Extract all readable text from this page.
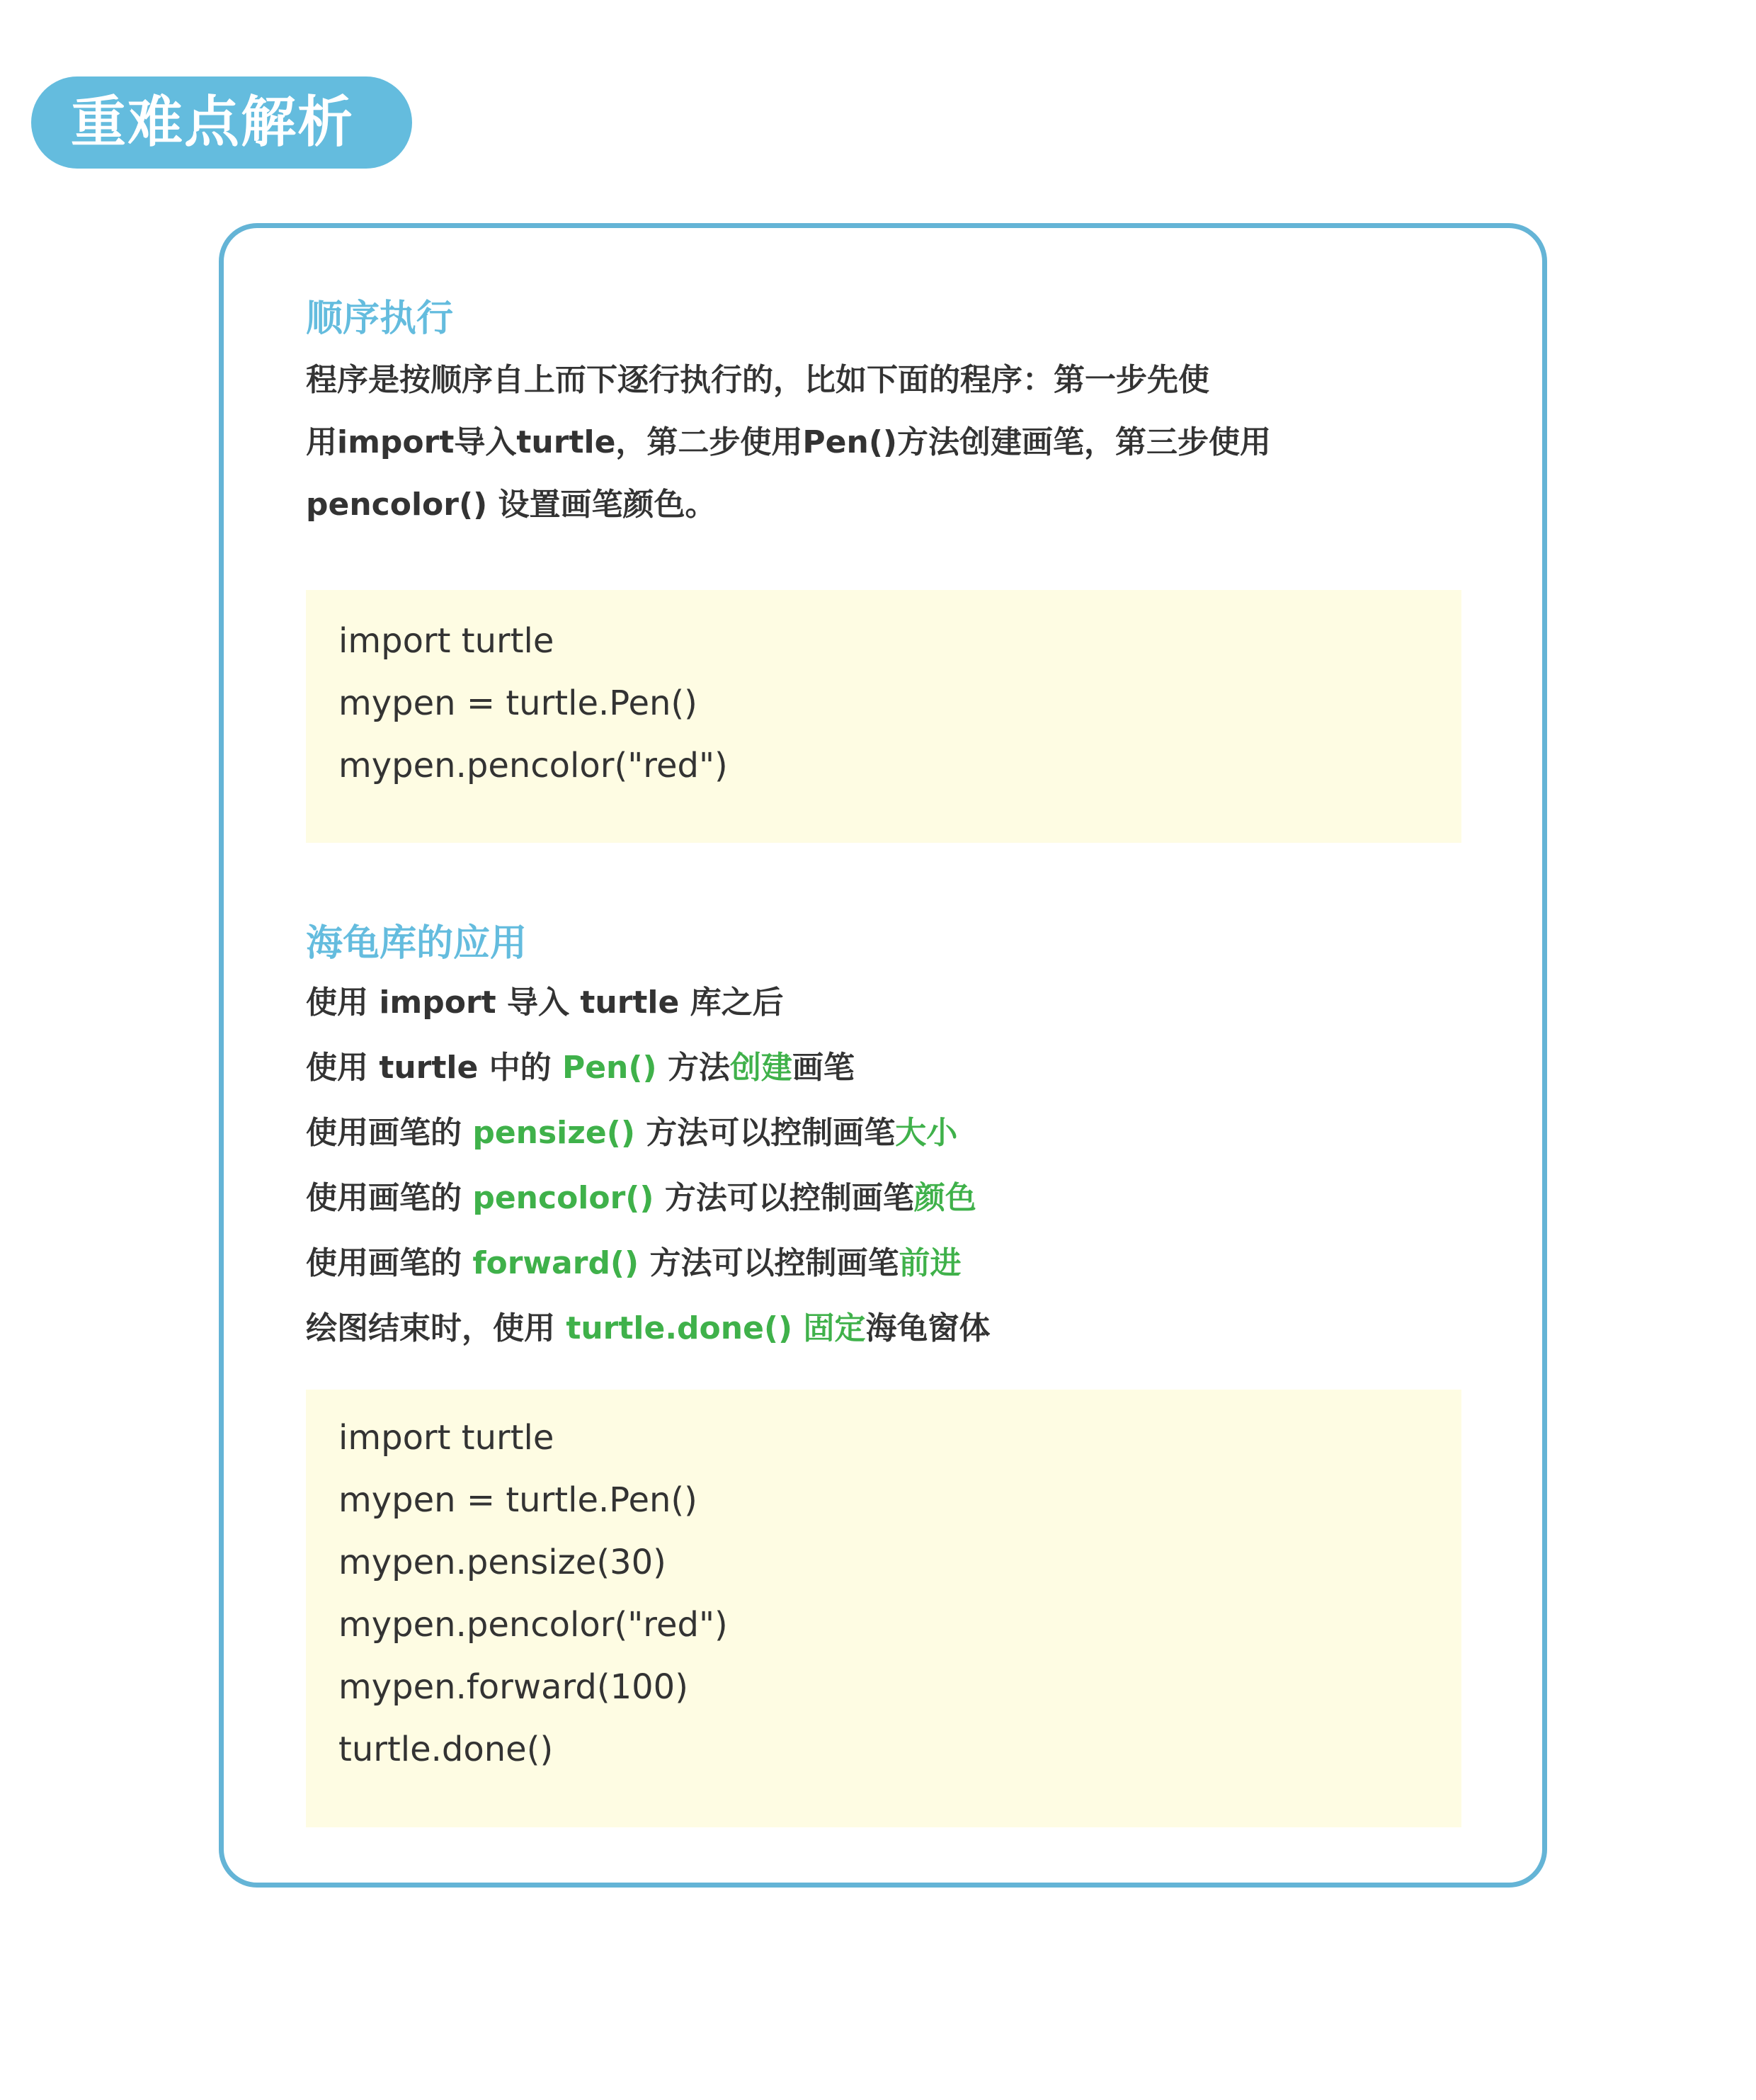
重难点解析
顺序执行
程序是按顺序自上而下逐行执行的，比如下面的程序：第一步先使
用import导入turtle，第二步使用Pen()方法创建画笔，第三步使用
pencolor() 设置画笔颜色。
import turtle
mypen = turtle.Pen()
mypen.pencolor("red")
海龟库的应用
使用 import 导入 turtle 库之后
使用 turtle 中的 Pen() 方法创建画笔
使用画笔的 pensize() 方法可以控制画笔大小
使用画笔的 pencolor() 方法可以控制画笔颜色
使用画笔的 forward() 方法可以控制画笔前进
绘图结束时，使用 turtle.done() 固定海龟窗体
import turtle
mypen = turtle.Pen()
mypen.pensize(30)
mypen.pencolor("red")
mypen.forward(100)
turtle.done()
